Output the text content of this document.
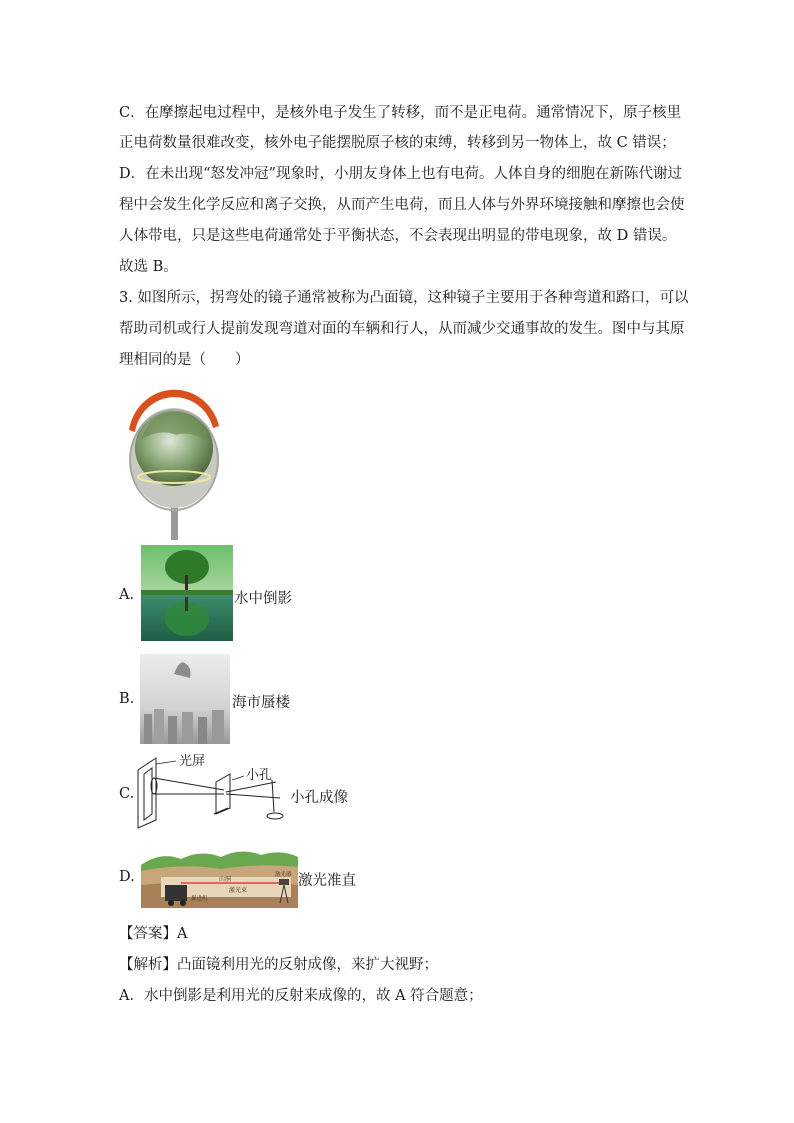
C．在摩擦起电过程中，是核外电子发生了转移，而不是正电荷。通常情况下，原子核里
正电荷数量很难改变，核外电子能摆脱原子核的束缚，转移到另一物体上，故 C 错误；
D．在未出现“怒发冲冠”现象时，小朋友身体上也有电荷。人体自身的细胞在新陈代谢过
程中会发生化学反应和离子交换，从而产生电荷，而且人体与外界环境接触和摩擦也会使
人体带电，只是这些电荷通常处于平衡状态，不会表现出明显的带电现象，故 D 错误。
故选 B。
3. 如图所示，拐弯处的镜子通常被称为凸面镜，这种镜子主要用于各种弯道和路口，可以
帮助司机或行人提前发现弯道对面的车辆和行人，从而减少交通事故的发生。图中与其原
理相同的是（　　）
A.	水中倒影
B.	海市蜃楼
C.
光屏
小孔
小孔成像
D.	山洞
激光束
激光器
掘进机
激光准直
【答案】A
【解析】凸面镜利用光的反射成像，来扩大视野；
A．水中倒影是利用光的反射来成像的，故 A 符合题意；
